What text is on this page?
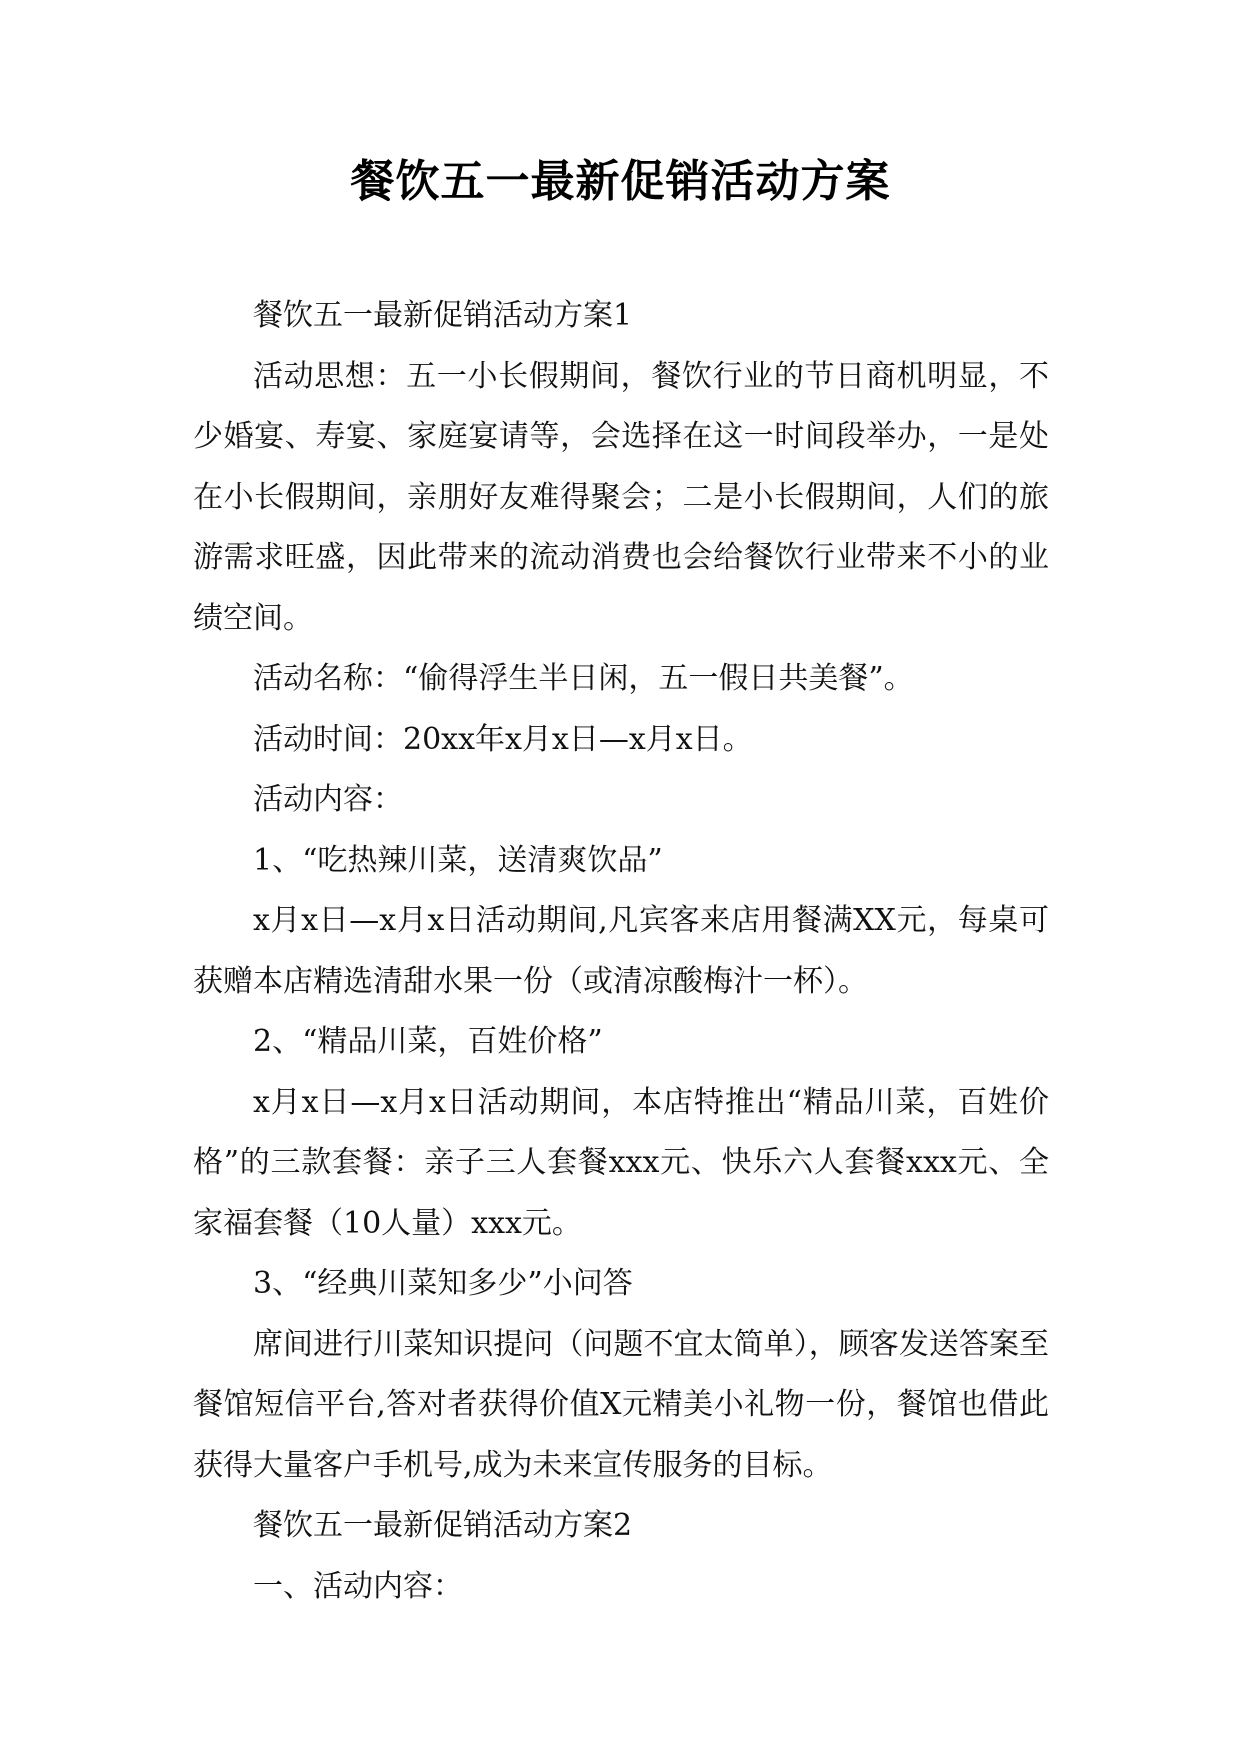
餐饮五一最新促销活动方案

餐饮五一最新促销活动方案1

活动思想：五一小长假期间，餐饮行业的节日商机明显，不少婚宴、寿宴、家庭宴请等，会选择在这一时间段举办，一是处在小长假期间，亲朋好友难得聚会；二是小长假期间，人们的旅游需求旺盛，因此带来的流动消费也会给餐饮行业带来不小的业绩空间。

活动名称：“偷得浮生半日闲，五一假日共美餐”。

活动时间：20xx年x月x日—x月x日。

活动内容：

1、“吃热辣川菜，送清爽饮品”

x月x日—x月x日活动期间,凡宾客来店用餐满XX元，每桌可获赠本店精选清甜水果一份（或清凉酸梅汁一杯）。

2、“精品川菜，百姓价格”

x月x日—x月x日活动期间，本店特推出“精品川菜，百姓价格”的三款套餐：亲子三人套餐xxx元、快乐六人套餐xxx元、全家福套餐（10人量）xxx元。

3、“经典川菜知多少”小问答

席间进行川菜知识提问（问题不宜太简单），顾客发送答案至餐馆短信平台,答对者获得价值X元精美小礼物一份，餐馆也借此获得大量客户手机号,成为未来宣传服务的目标。

餐饮五一最新促销活动方案2

一、活动内容：
